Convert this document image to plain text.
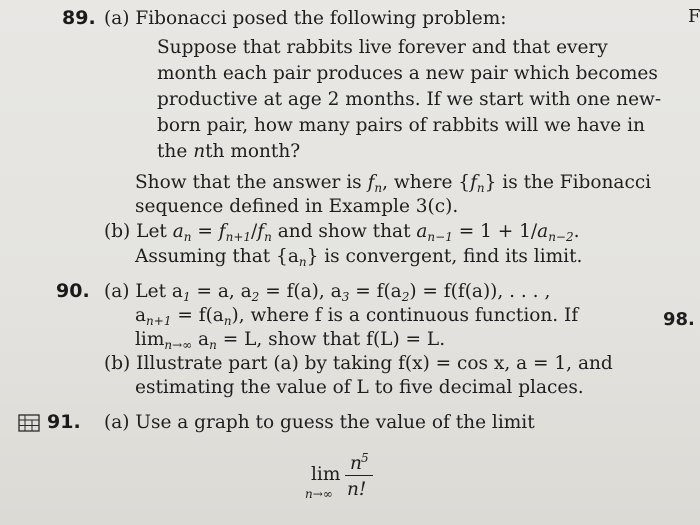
89. (a) Fibonacci posed the following problem:
Suppose that rabbits live forever and that every
month each pair produces a new pair which becomes
productive at age 2 months. If we start with one new-
born pair, how many pairs of rabbits will we have in
the nth month?
Show that the answer is $f_n$, where $\{f_n\}$ is the Fibonacci
sequence defined in Example 3(c).
(b) Let $a_n = f_{n+1}/f_n$ and show that $a_{n-1} = 1 + 1/a_{n-2}$.
Assuming that $\{a_n\}$ is convergent, find its limit.
90. (a) Let $a_1 = a$, $a_2 = f(a)$, $a_3 = f(a_2) = f(f(a))$, . . . ,
$a_{n+1} = f(a_n)$, where f is a continuous function. If
$\lim_{n\to\infty} a_n = L$, show that f(L) = L.
(b) Illustrate part (a) by taking f(x) = cos x, a = 1, and
estimating the value of L to five decimal places.
91. (a) Use a graph to guess the value of the limit
lim
n→∞
n 5
n!
98.
F
